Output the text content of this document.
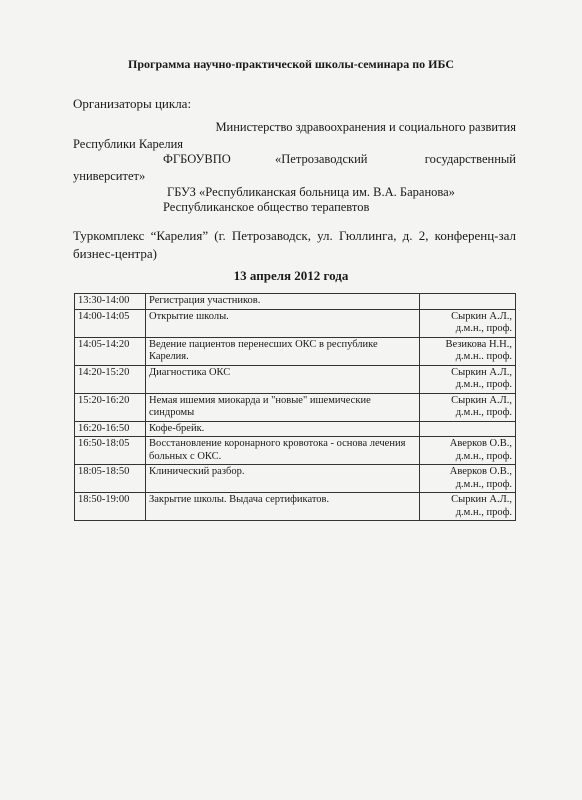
Программа научно-практической школы-семинара по ИБС
Организаторы цикла:
Министерство здравоохранения и социального развития
Республики Карелия
ФГБОУВПО	«Петрозаводский	государственный
университет»
ГБУЗ «Республиканская больница им. В.А. Баранова»
Республиканское общество терапевтов
Туркомплекс “Карелия” (г. Петрозаводск, ул. Гюллинга, д. 2, конференц-зал бизнес-центра)
13 апреля 2012 года
13:30-14:00	Регистрация участников.	

14:00-14:05	Открытие школы.	Сыркин А.Л.,
д.м.н., проф.

14:05-14:20	Ведение пациентов перенесших ОКС в республике Карелия.	Везикова Н.Н.,
д.м.н.. проф.

14:20-15:20	Диагностика ОКС	Сыркин А.Л.,
д.м.н., проф.

15:20-16:20	Немая ишемия миокарда и "новые" ишемические синдромы	Сыркин А.Л.,
д.м.н., проф.

16:20-16:50	Кофе-брейк.	

16:50-18:05	Восстановление коронарного кровотока - основа лечения больных с ОКС.	Аверков О.В.,
д.м.н., проф.

18:05-18:50	Клинический разбор.	Аверков О.В.,
д.м.н., проф.

18:50-19:00	Закрытие школы. Выдача сертификатов.	Сыркин А.Л.,
д.м.н., проф.
